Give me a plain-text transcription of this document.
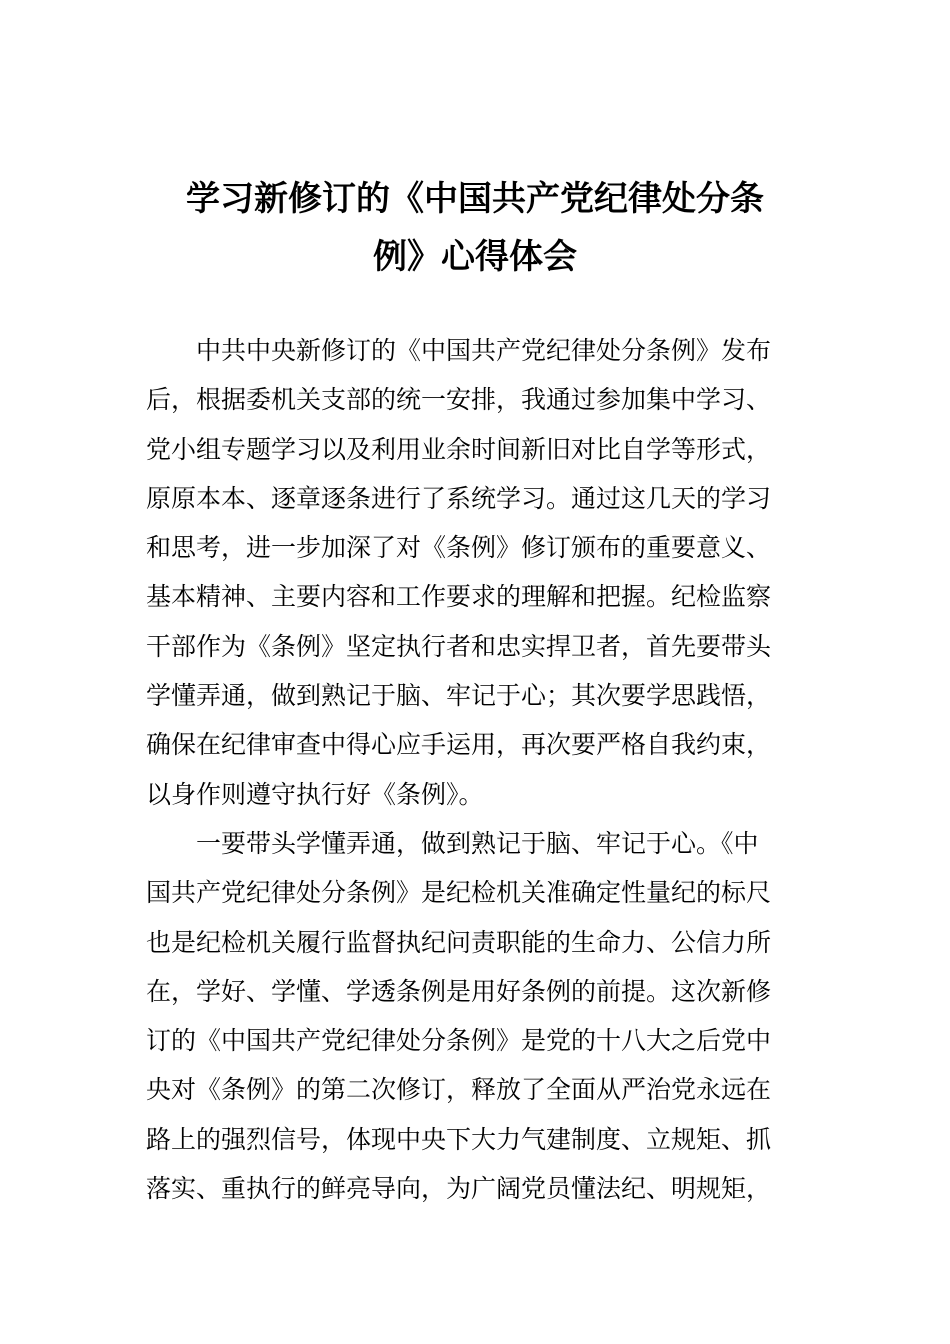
学习新修订的《中国共产党纪律处分条
例》心得体会
　　中共中央新修订的《中国共产党纪律处分条例》发布
后，根据委机关支部的统一安排，我通过参加集中学习、
党小组专题学习以及利用业余时间新旧对比自学等形式，
原原本本、逐章逐条进行了系统学习。通过这几天的学习
和思考，进一步加深了对《条例》修订颁布的重要意义、
基本精神、主要内容和工作要求的理解和把握。纪检监察
干部作为《条例》坚定执行者和忠实捍卫者，首先要带头
学懂弄通，做到熟记于脑、牢记于心；其次要学思践悟，
确保在纪律审查中得心应手运用，再次要严格自我约束，
以身作则遵守执行好《条例》。
　　一要带头学懂弄通，做到熟记于脑、牢记于心。《中
国共产党纪律处分条例》是纪检机关准确定性量纪的标尺
也是纪检机关履行监督执纪问责职能的生命力、公信力所
在，学好、学懂、学透条例是用好条例的前提。这次新修
订的《中国共产党纪律处分条例》是党的十八大之后党中
央对《条例》的第二次修订，释放了全面从严治党永远在
路上的强烈信号，体现中央下大力气建制度、立规矩、抓
落实、重执行的鲜亮导向，为广阔党员懂法纪、明规矩，
